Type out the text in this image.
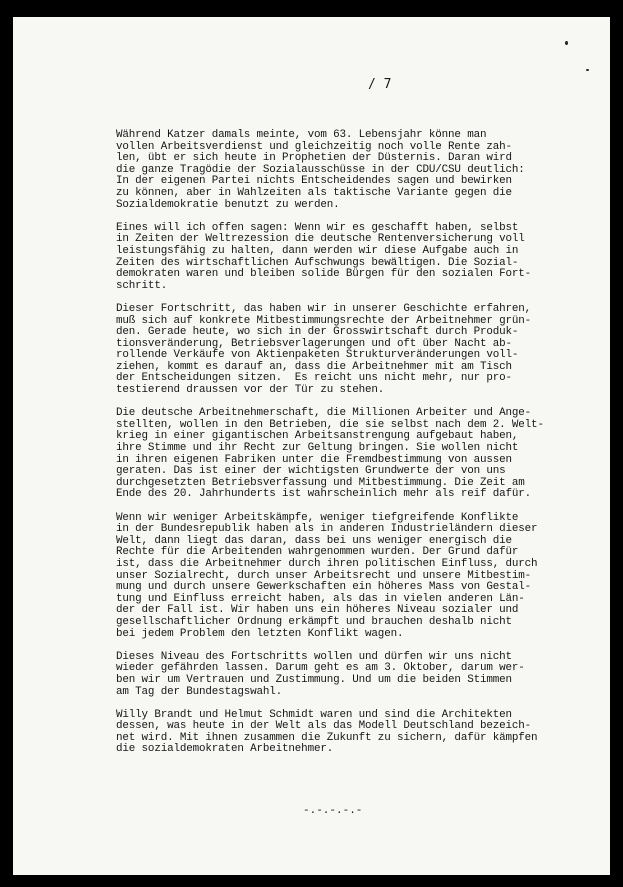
/ 7
Während Katzer damals meinte, vom 63. Lebensjahr könne man
vollen Arbeitsverdienst und gleichzeitig noch volle Rente zah-
len, übt er sich heute in Prophetien der Düsternis. Daran wird
die ganze Tragödie der Sozialausschüsse in der CDU/CSU deutlich:
In der eigenen Partei nichts Entscheidendes sagen und bewirken
zu können, aber in Wahlzeiten als taktische Variante gegen die
Sozialdemokratie benutzt zu werden.
Eines will ich offen sagen: Wenn wir es geschafft haben, selbst
in Zeiten der Weltrezession die deutsche Rentenversicherung voll
leistungsfähig zu halten, dann werden wir diese Aufgabe auch in
Zeiten des wirtschaftlichen Aufschwungs bewältigen. Die Sozial-
demokraten waren und bleiben solide Bürgen für den sozialen Fort-
schritt.
Dieser Fortschritt, das haben wir in unserer Geschichte erfahren,
muß sich auf konkrete Mitbestimmungsrechte der Arbeitnehmer grün-
den. Gerade heute, wo sich in der Grosswirtschaft durch Produk-
tionsveränderung, Betriebsverlagerungen und oft über Nacht ab-
rollende Verkäufe von Aktienpaketen Strukturveränderungen voll-
ziehen, kommt es darauf an, dass die Arbeitnehmer mit am Tisch
der Entscheidungen sitzen.  Es reicht uns nicht mehr, nur pro-
testierend draussen vor der Tür zu stehen.
Die deutsche Arbeitnehmerschaft, die Millionen Arbeiter und Ange-
stellten, wollen in den Betrieben, die sie selbst nach dem 2. Welt-
krieg in einer gigantischen Arbeitsanstrengung aufgebaut haben,
ihre Stimme und ihr Recht zur Geltung bringen. Sie wollen nicht
in ihren eigenen Fabriken unter die Fremdbestimmung von aussen
geraten. Das ist einer der wichtigsten Grundwerte der von uns
durchgesetzten Betriebsverfassung und Mitbestimmung. Die Zeit am
Ende des 20. Jahrhunderts ist wahrscheinlich mehr als reif dafür.
Wenn wir weniger Arbeitskämpfe, weniger tiefgreifende Konflikte
in der Bundesrepublik haben als in anderen Industrieländern dieser
Welt, dann liegt das daran, dass bei uns weniger energisch die
Rechte für die Arbeitenden wahrgenommen wurden. Der Grund dafür
ist, dass die Arbeitnehmer durch ihren politischen Einfluss, durch
unser Sozialrecht, durch unser Arbeitsrecht und unsere Mitbestim-
mung und durch unsere Gewerkschaften ein höheres Mass von Gestal-
tung und Einfluss erreicht haben, als das in vielen anderen Län-
der der Fall ist. Wir haben uns ein höheres Niveau sozialer und
gesellschaftlicher Ordnung erkämpft und brauchen deshalb nicht
bei jedem Problem den letzten Konflikt wagen.
Dieses Niveau des Fortschritts wollen und dürfen wir uns nicht
wieder gefährden lassen. Darum geht es am 3. Oktober, darum wer-
ben wir um Vertrauen und Zustimmung. Und um die beiden Stimmen
am Tag der Bundestagswahl.
Willy Brandt und Helmut Schmidt waren und sind die Architekten
dessen, was heute in der Welt als das Modell Deutschland bezeich-
net wird. Mit ihnen zusammen die Zukunft zu sichern, dafür kämpfen
die sozialdemokraten Arbeitnehmer.
-.-.-.-.-
